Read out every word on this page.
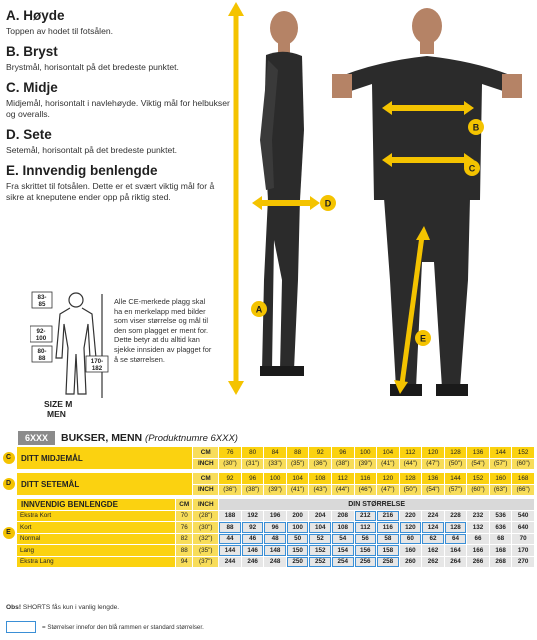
A. Høyde
Toppen av hodet til fotsålen.
B. Bryst
Brystmål, horisontalt på det bredeste punktet.
C. Midje
Midjemål, horisontalt i navlehøyde. Viktig mål for helbukser og overalls.
D. Sete
Setemål, horisontalt på det bredeste punktet.
E. Innvendig benlengde
Fra skrittet til fotsålen. Dette er et svært viktig mål for å sikre at kneputene ender opp på riktig sted.
D
A
B
C
E
83-
85
92-
100
80-
88	170-
182
SIZE M
MEN
Alle CE-merkede plagg skal ha en merkelapp med bilder som viser størrelse og mål til den som plagget er ment for. Dette betyr at du alltid kan sjekke innsiden av plagget for å se størrelsen.
6XXX	BUKSER, MENN (Produktnumre 6XXX)
C	DITT MIDJEMÅL		CM	76	80	84	88	92	96	100	104	112	120	128	136	144	152
			INCH	(30")	(31")	(33")	(35")	(36")	(38")	(39")	(41")	(44")	(47")	(50")	(54")	(57")	(60")

D	DITT SETEMÅL		CM	92	96	100	104	108	112	116	120	128	136	144	152	160	168
			INCH	(36")	(38")	(39")	(41")	(43")	(44")	(46")	(47")	(50")	(54")	(57")	(60")	(63")	(66")

E	INNVENDIG BENLENGDE	CM	INCH	DIN STØRRELSE													
	Ekstra Kort	70	(28")	188	192	196	200	204	208	212	216	220	224	228	232	536	540
	Kort	76	(30")	88	92	96	100	104	108	112	116	120	124	128	132	636	640
	Normal	82	(32")	44	46	48	50	52	54	56	58	60	62	64	66	68	70
	Lang	88	(35")	144	146	148	150	152	154	156	158	160	162	164	166	168	170
	Ekstra Lang	94	(37")	244	246	248	250	252	254	256	258	260	262	264	266	268	270
Obs! SHORTS fås kun i vanlig lengde.
= Størrelser innefor den blå rammen er standard størrelser.
